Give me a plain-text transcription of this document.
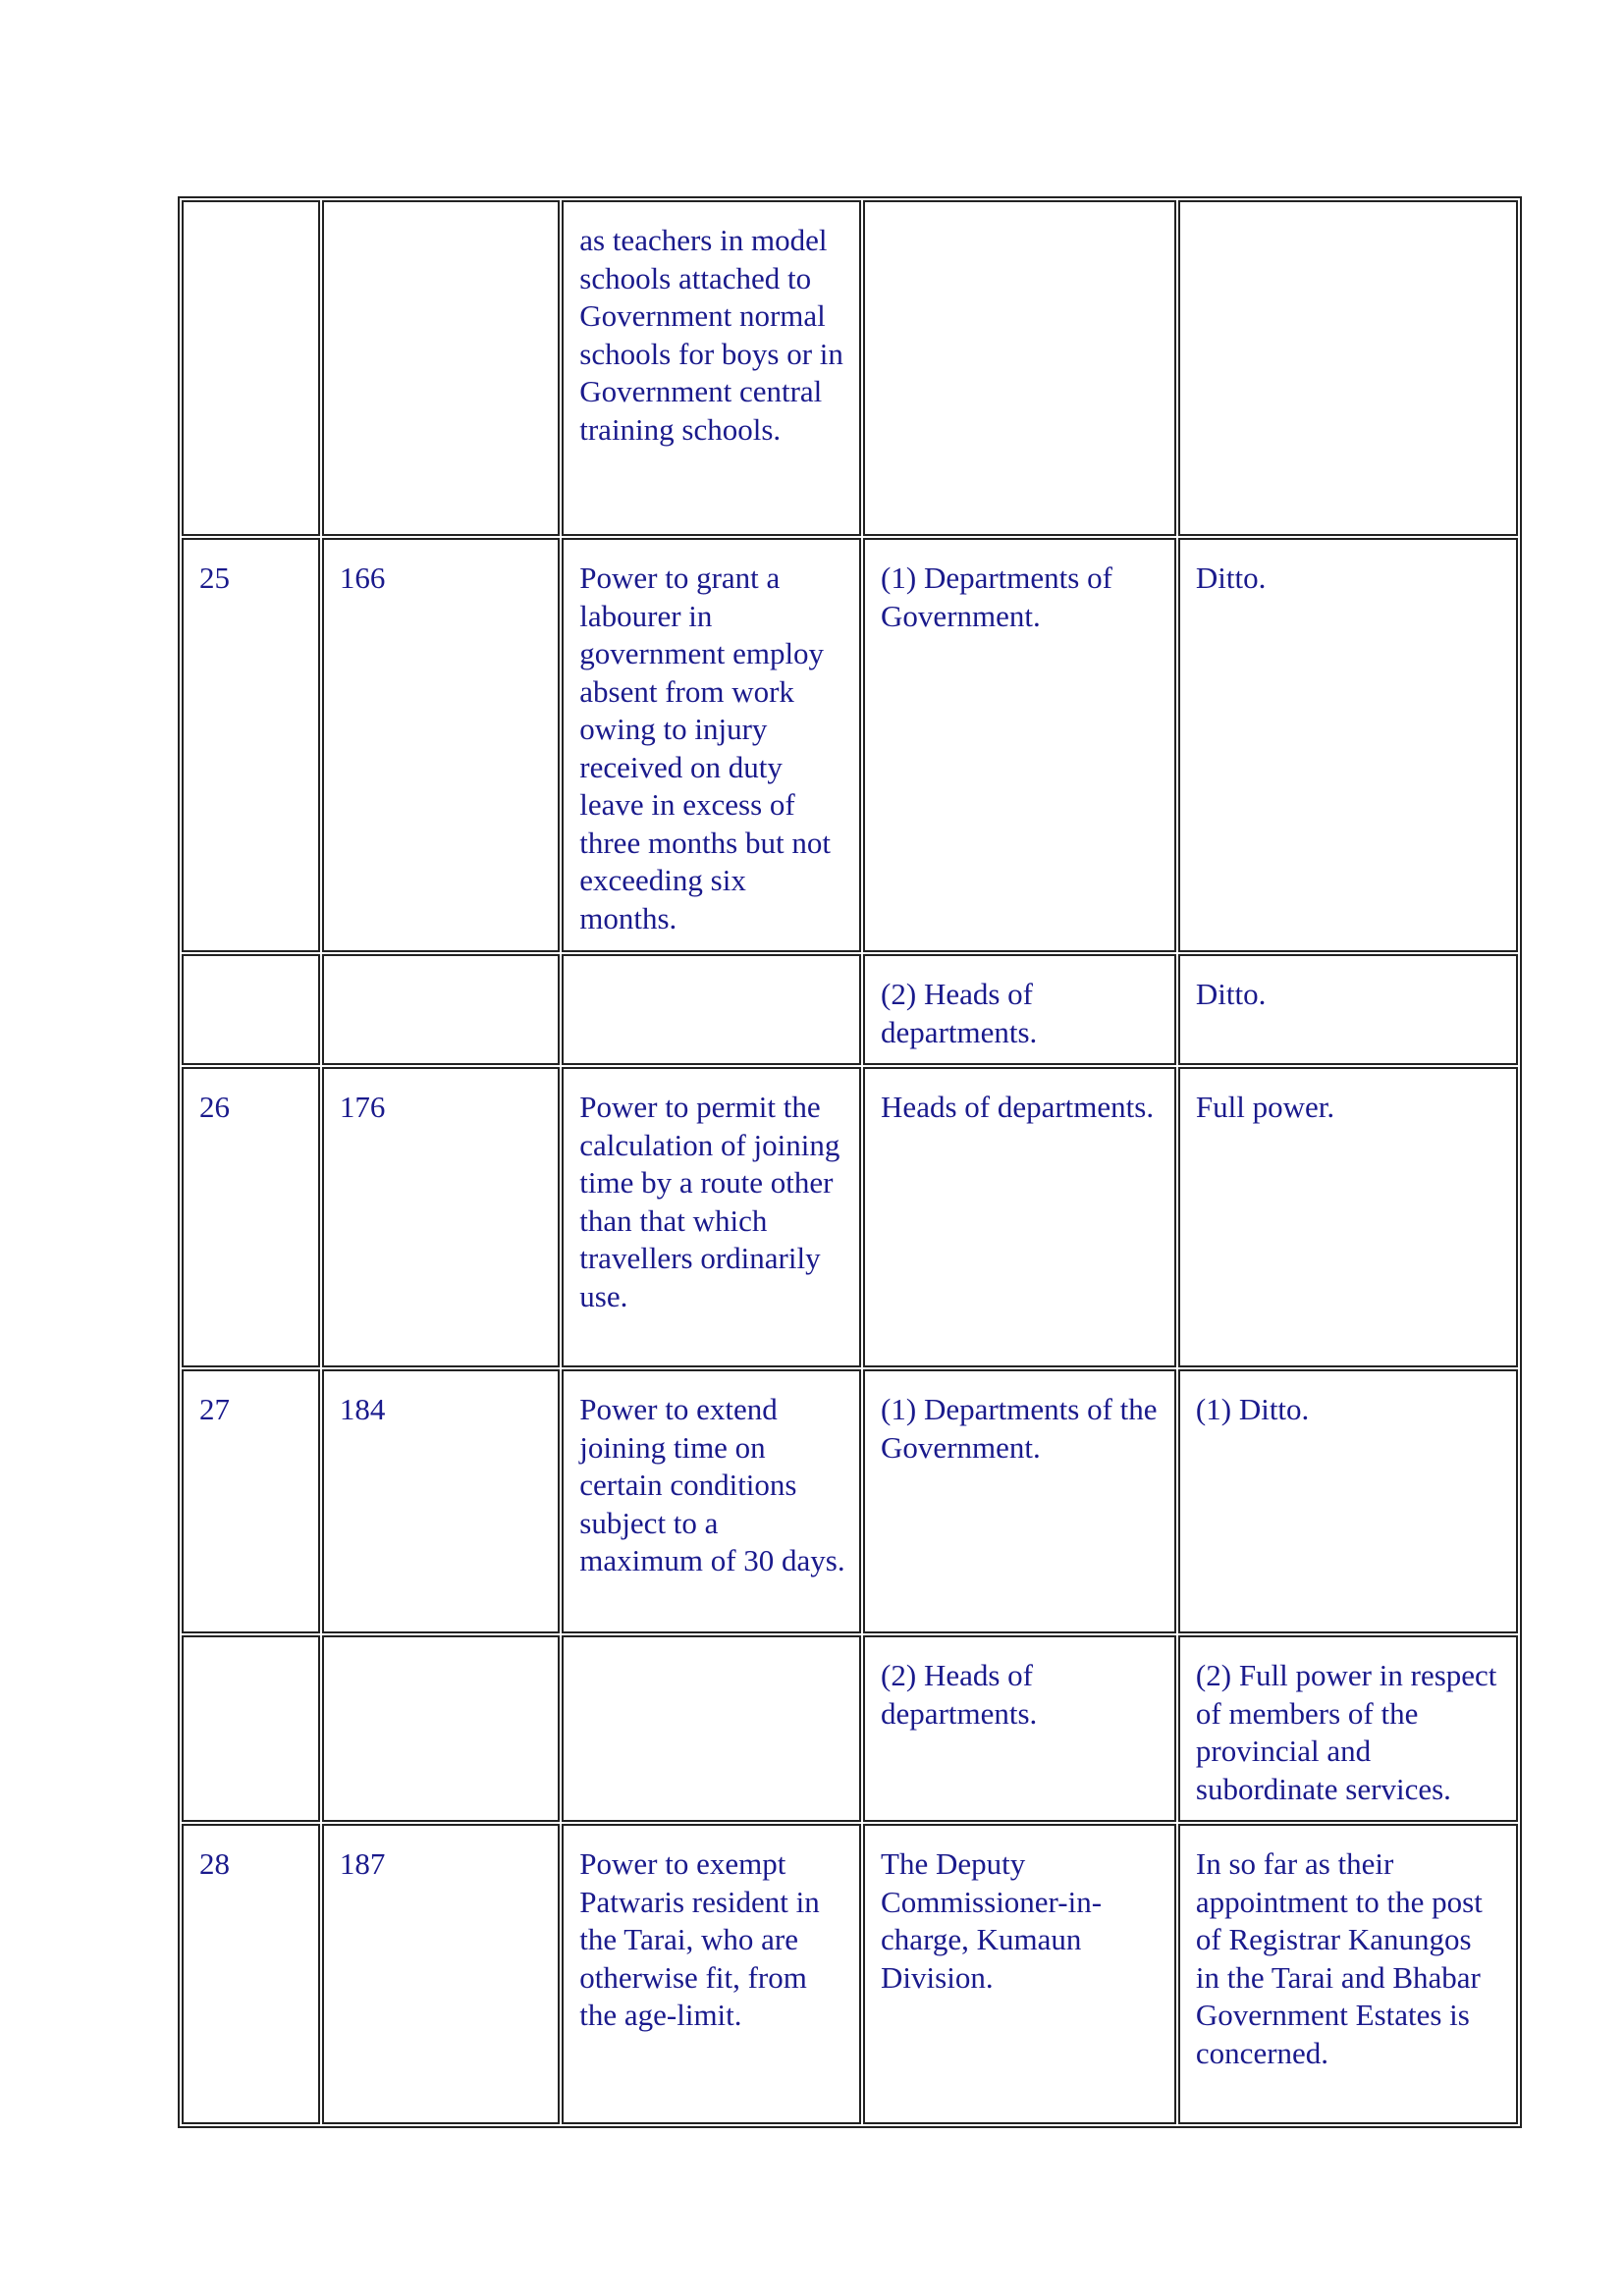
		as teachers in model schools attached to Government normal schools for boys or in Government central training schools.		
25	166	Power to grant a labourer in government employ absent from work owing to injury received on duty leave in excess of three months but not exceeding six months.	(1) Departments of Government.	Ditto.
			(2) Heads of departments.	Ditto.
26	176	Power to permit the calculation of joining time by a route other than that which travellers ordinarily use.	Heads of departments.	Full power.
27	184	Power to extend joining time on certain conditions subject to a maximum of 30 days.	(1) Departments of the Government.	(1) Ditto.
			(2) Heads of departments.	(2) Full power in respect of members of the provincial and subordinate services.
28	187	Power to exempt Patwaris resident in the Tarai, who are otherwise fit, from the age-limit.	The Deputy Commissioner-in-charge, Kumaun Division.	In so far as their appointment to the post of Registrar Kanungos in the Tarai and Bhabar Government Estates is concerned.
